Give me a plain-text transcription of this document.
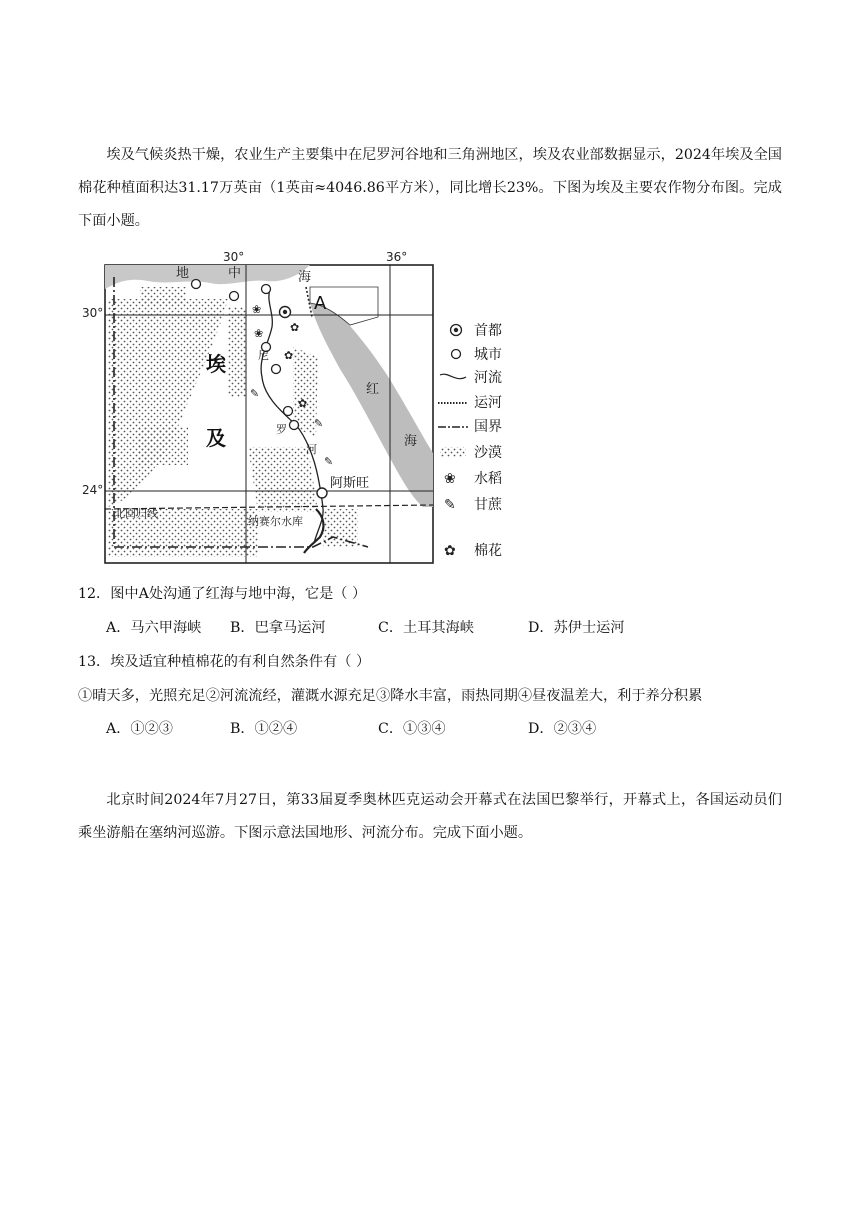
埃及气候炎热干燥，农业生产主要集中在尼罗河谷地和三角洲地区，埃及农业部数据显示，2024年埃及全国棉花种植面积达31.17万英亩（1英亩≈4046.86平方米），同比增长23%。下图为埃及主要农作物分布图。完成下面小题。

❀
❀
✎
✿
✿
✎
✎
✿
30°	36°
30°
24°
地	中	海
A
埃
及
红
海
尼
罗
河
阿斯旺
北回归线
纳赛尔水库
首都
城市
河流
运河
国界
沙漠
❀ 水稻
✎ 甘蔗
✿ 棉花

12．图中A处沟通了红海与地中海，它是（ ）

A．马六甲海峡 B．巴拿马运河	C．土耳其海峡	D．苏伊士运河

13．埃及适宜种植棉花的有利自然条件有（ ）

①晴天多，光照充足②河流流经，灌溉水源充足③降水丰富，雨热同期④昼夜温差大，利于养分积累

A．①②③	B．①②④	C．①③④	D．②③④

北京时间2024年7月27日，第33届夏季奥林匹克运动会开幕式在法国巴黎举行，开幕式上，各国运动员们乘坐游船在塞纳河巡游。下图示意法国地形、河流分布。完成下面小题。
